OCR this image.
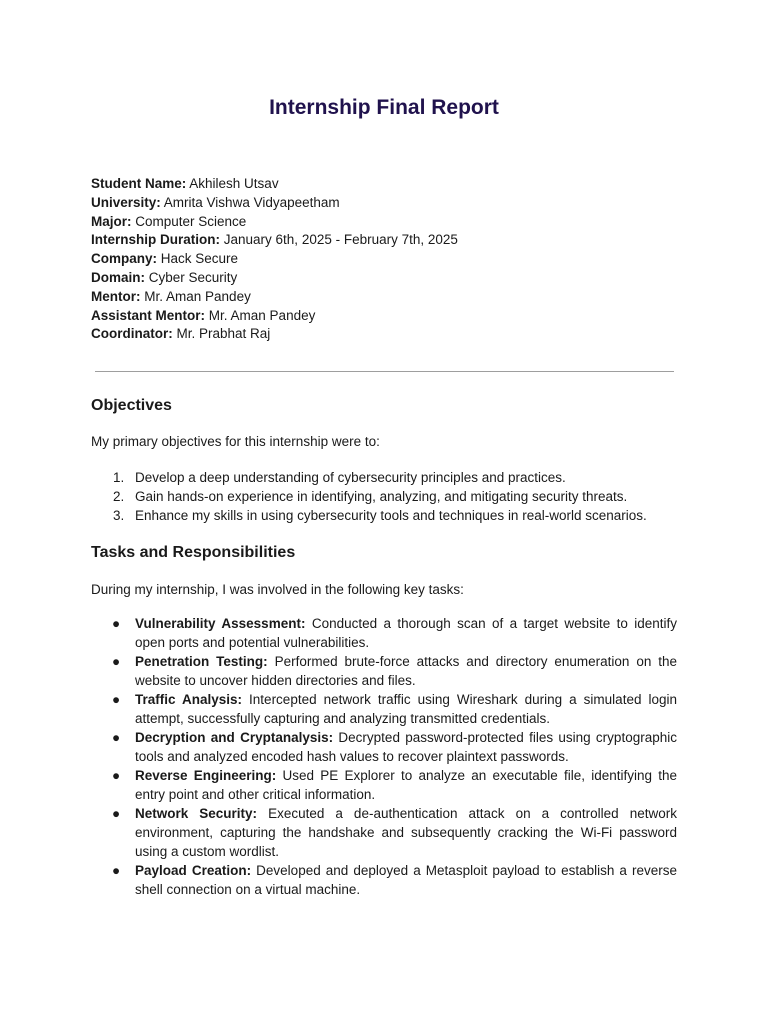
Internship Final Report
Student Name: Akhilesh Utsav
University: Amrita Vishwa Vidyapeetham
Major: Computer Science
Internship Duration: January 6th, 2025 - February 7th, 2025
Company: Hack Secure
Domain: Cyber Security
Mentor: Mr. Aman Pandey
Assistant Mentor: Mr. Aman Pandey
Coordinator: Mr. Prabhat Raj
Objectives

My primary objectives for this internship were to:

1. Develop a deep understanding of cybersecurity principles and practices.
2. Gain hands-on experience in identifying, analyzing, and mitigating security threats.
3. Enhance my skills in using cybersecurity tools and techniques in real-world scenarios.
Tasks and Responsibilities

During my internship, I was involved in the following key tasks:

● Vulnerability Assessment: Conducted a thorough scan of a target website to identify open ports and potential vulnerabilities.
● Penetration Testing: Performed brute-force attacks and directory enumeration on the website to uncover hidden directories and files.
● Traffic Analysis: Intercepted network traffic using Wireshark during a simulated login attempt, successfully capturing and analyzing transmitted credentials.
● Decryption and Cryptanalysis: Decrypted password-protected files using cryptographic tools and analyzed encoded hash values to recover plaintext passwords.
● Reverse Engineering: Used PE Explorer to analyze an executable file, identifying the entry point and other critical information.
● Network Security: Executed a de-authentication attack on a controlled network environment, capturing the handshake and subsequently cracking the Wi-Fi password using a custom wordlist.
● Payload Creation: Developed and deployed a Metasploit payload to establish a reverse shell connection on a virtual machine.
